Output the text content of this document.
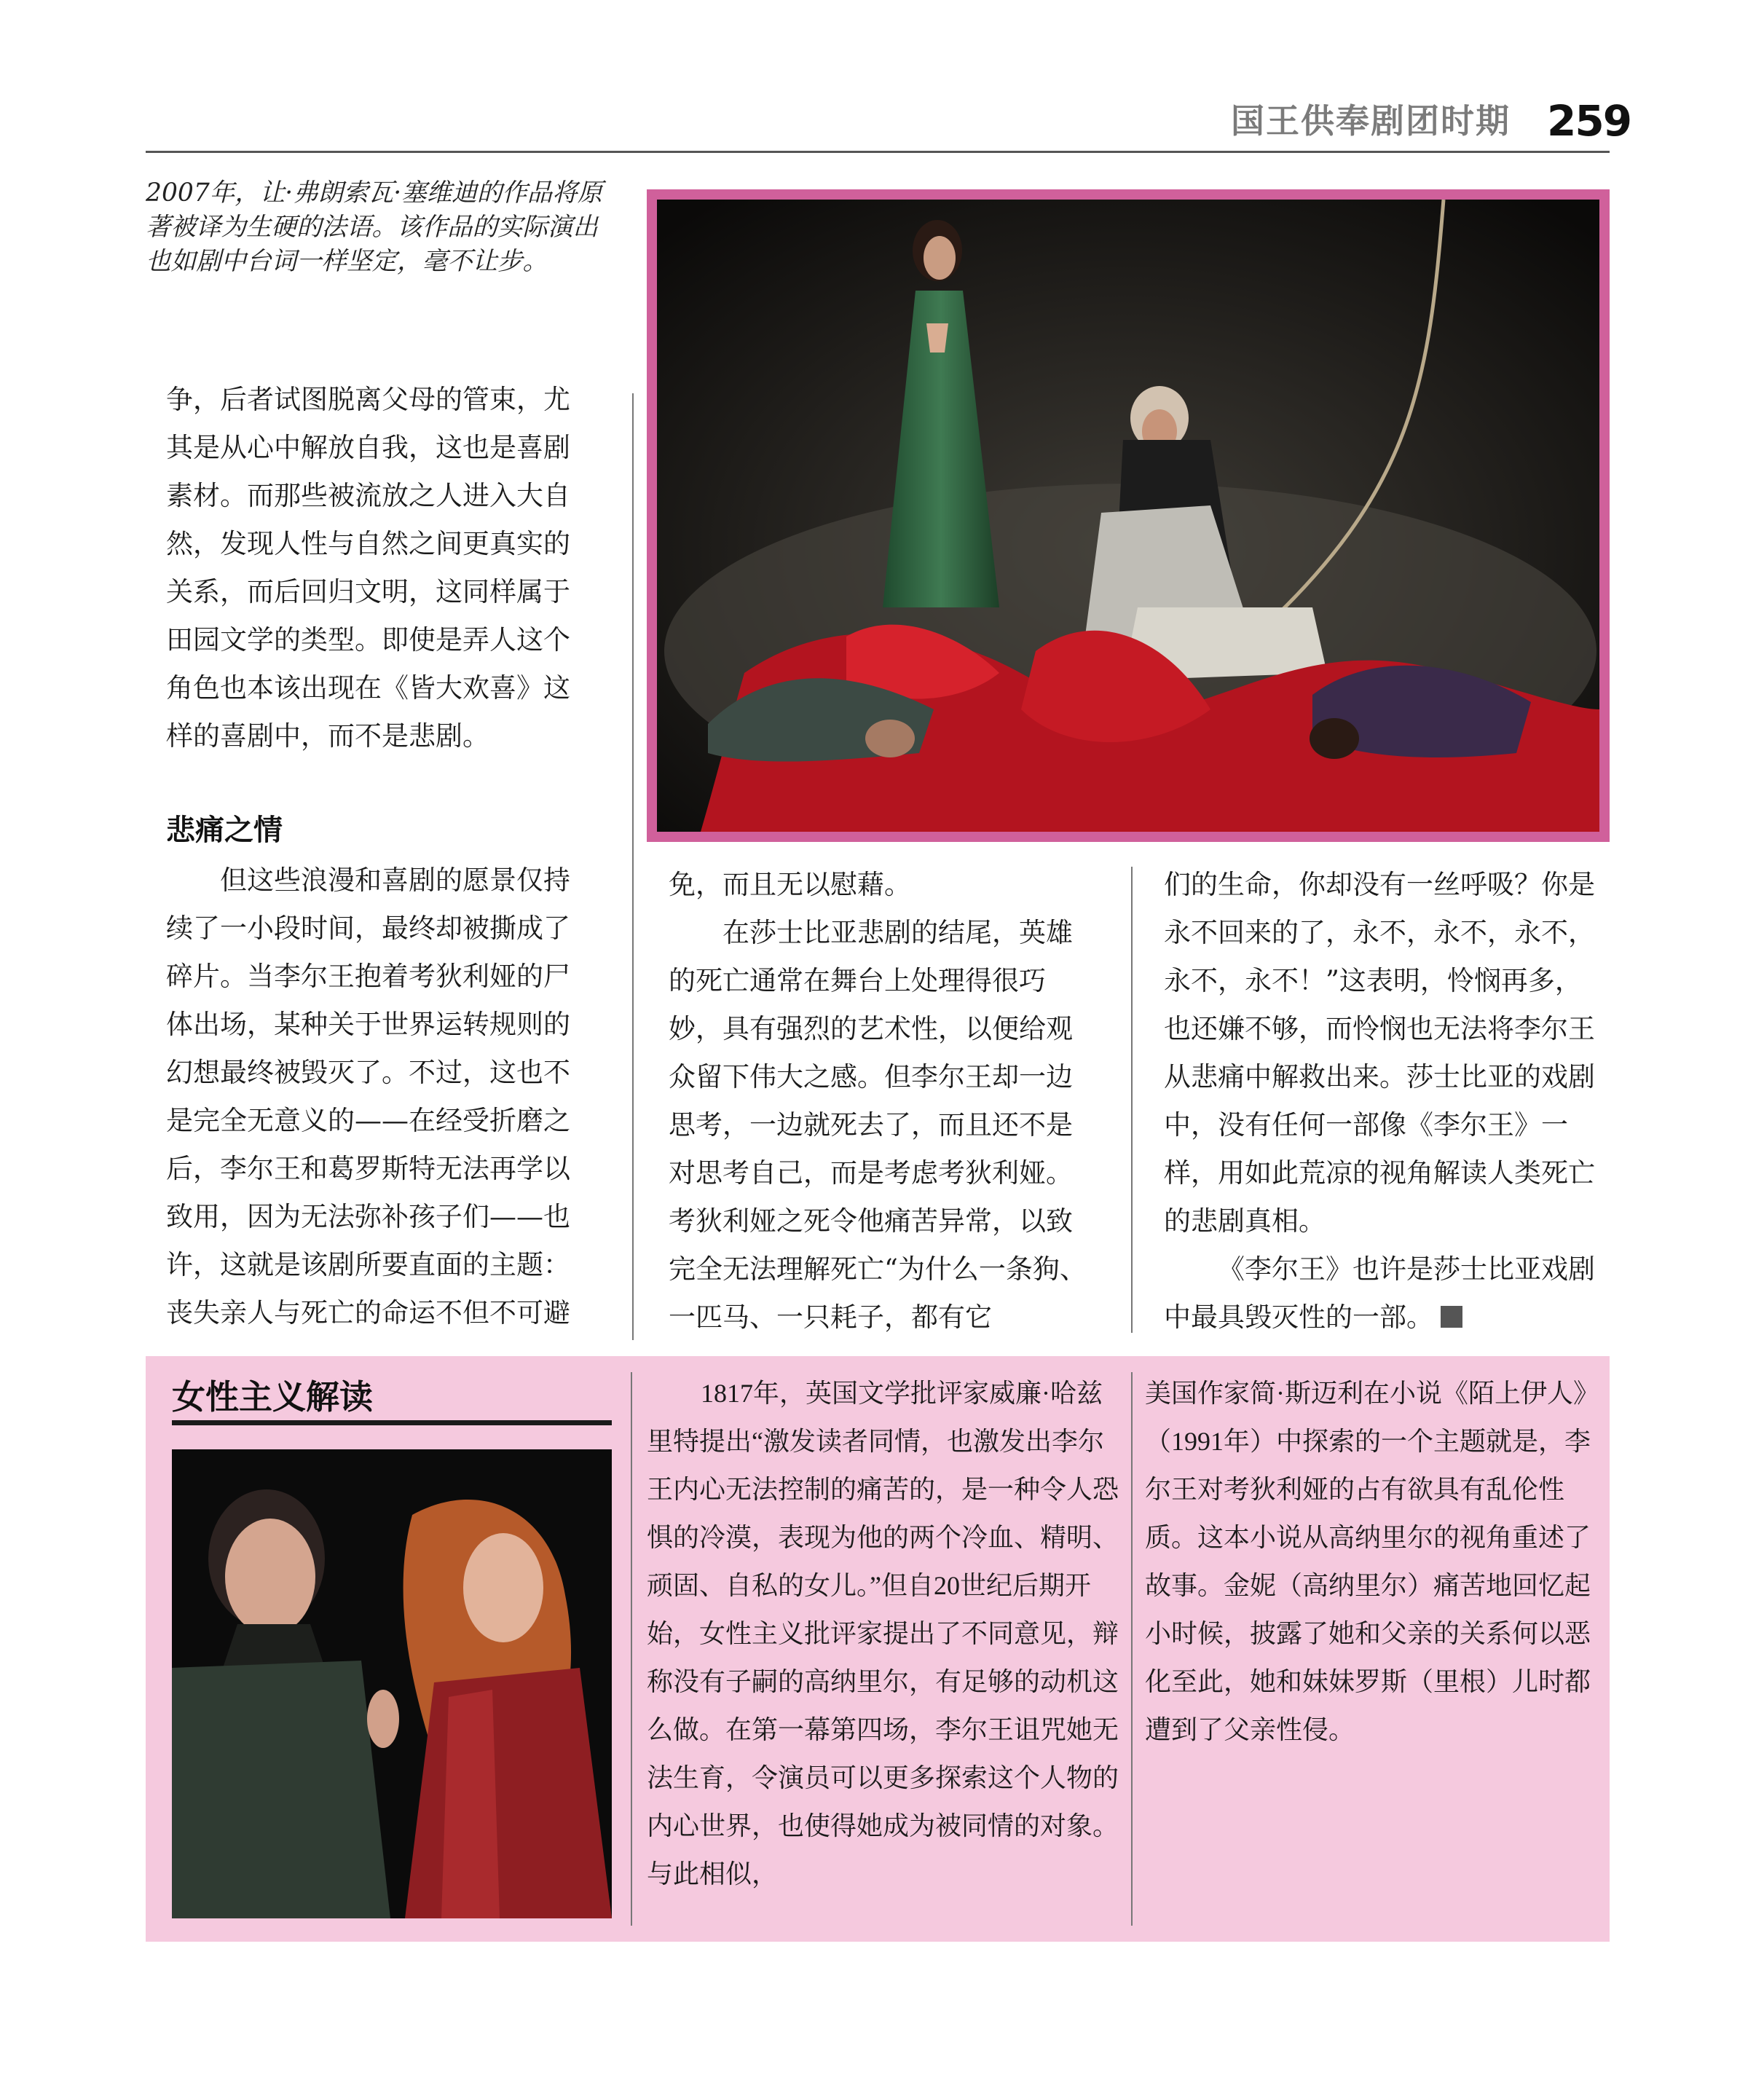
国王供奉剧团时期 259
2007年，让·弗朗索瓦·塞维迪的作品将原著被译为生硬的法语。该作品的实际演出也如剧中台词一样坚定，毫不让步。

争，后者试图脱离父母的管束，尤其是从心中解放自我，这也是喜剧素材。而那些被流放之人进入大自然，发现人性与自然之间更真实的关系，而后回归文明，这同样属于田园文学的类型。即使是弄人这个角色也本该出现在《皆大欢喜》这样的喜剧中，而不是悲剧。

悲痛之情

但这些浪漫和喜剧的愿景仅持续了一小段时间，最终却被撕成了碎片。当李尔王抱着考狄利娅的尸体出场，某种关于世界运转规则的幻想最终被毁灭了。不过，这也不是完全无意义的——在经受折磨之后，李尔王和葛罗斯特无法再学以致用，因为无法弥补孩子们——也许，这就是该剧所要直面的主题：丧失亲人与死亡的命运不但不可避

免，而且无以慰藉。

在莎士比亚悲剧的结尾，英雄的死亡通常在舞台上处理得很巧妙，具有强烈的艺术性，以便给观众留下伟大之感。但李尔王却一边思考，一边就死去了，而且还不是对思考自己，而是考虑考狄利娅。考狄利娅之死令他痛苦异常，以致完全无法理解死亡“为什么一条狗、一匹马、一只耗子，都有它

们的生命，你却没有一丝呼吸？你是永不回来的了，永不，永不，永不，永不，永不！”这表明，怜悯再多，也还嫌不够，而怜悯也无法将李尔王从悲痛中解救出来。莎士比亚的戏剧中，没有任何一部像《李尔王》一样，用如此荒凉的视角解读人类死亡的悲剧真相。

《李尔王》也许是莎士比亚戏剧中最具毁灭性的一部。

女性主义解读	1817年，英国文学批评家威廉·哈兹里特提出“激发读者同情，也激发出李尔王内心无法控制的痛苦的，是一种令人恐惧的冷漠，表现为他的两个冷血、精明、顽固、自私的女儿。”但自20世纪后期开始，女性主义批评家提出了不同意见，辩称没有子嗣的高纳里尔，有足够的动机这么做。在第一幕第四场，李尔王诅咒她无法生育，令演员可以更多探索这个人物的内心世界，也使得她成为被同情的对象。与此相似，

美国作家简·斯迈利在小说《陌上伊人》（1991年）中探索的一个主题就是，李尔王对考狄利娅的占有欲具有乱伦性质。这本小说从高纳里尔的视角重述了故事。金妮（高纳里尔）痛苦地回忆起小时候，披露了她和父亲的关系何以恶化至此，她和妹妹罗斯（里根）儿时都遭到了父亲性侵。
